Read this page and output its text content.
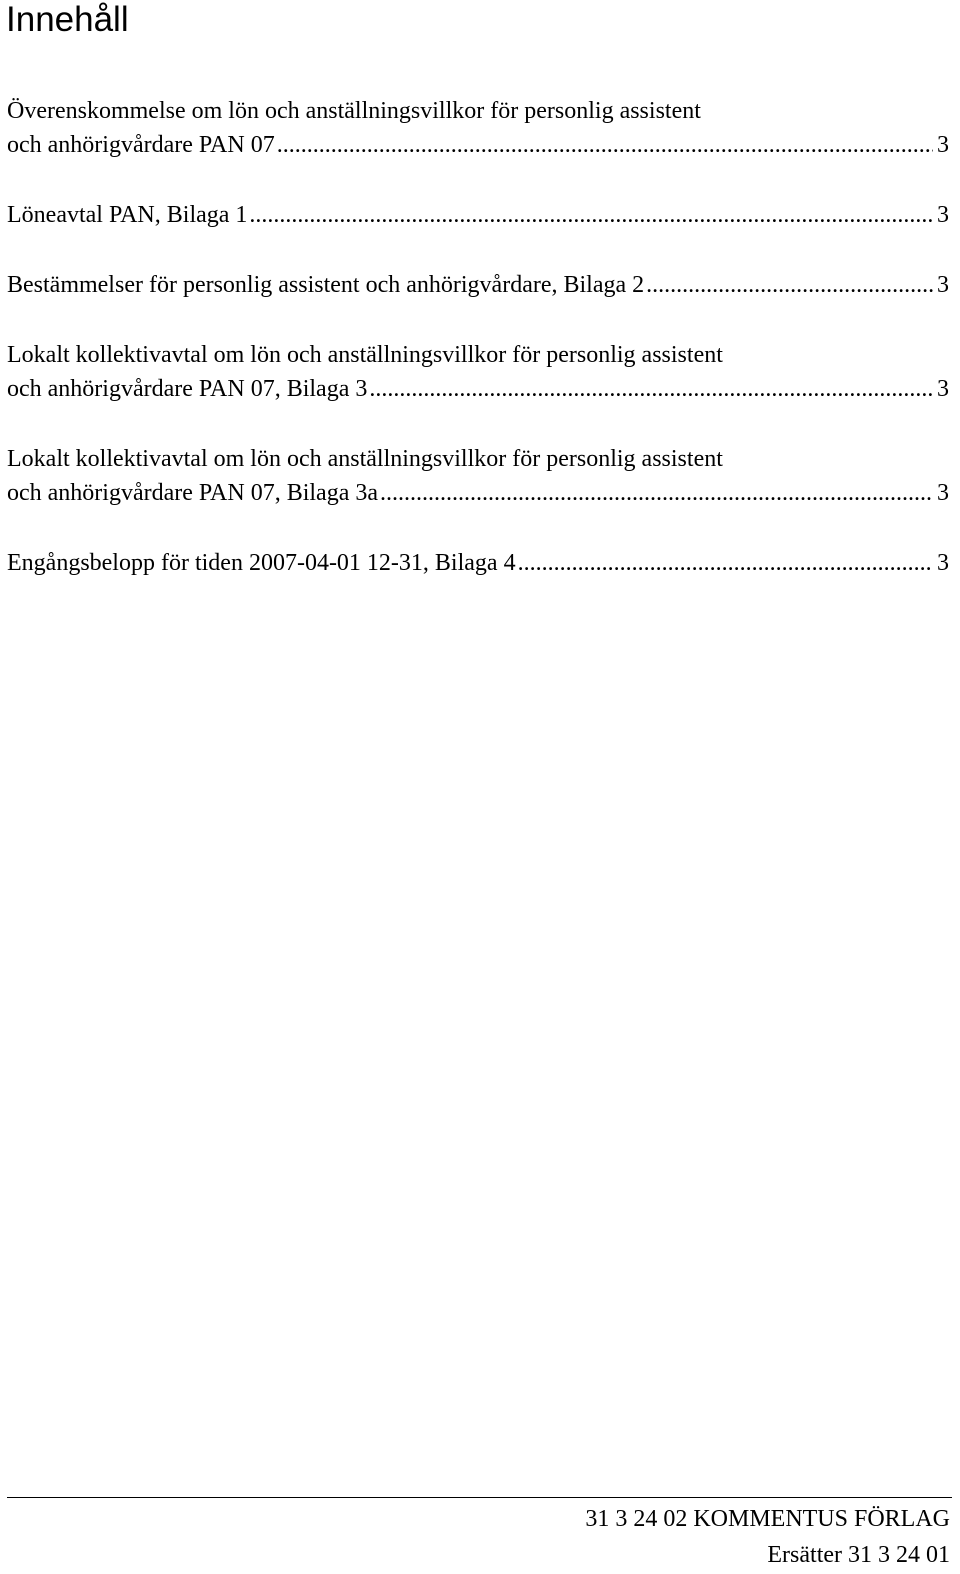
Innehåll
Överenskommelse om lön och anställningsvillkor för personlig assistent
och anhörigvårdare PAN 07 .....	3
Löneavtal PAN, Bilaga 1 .....	3
Bestämmelser för personlig assistent och anhörigvårdare, Bilaga 2 .....	3
Lokalt kollektivavtal om lön och anställningsvillkor för personlig assistent
och anhörigvårdare PAN 07, Bilaga 3 .....	3
Lokalt kollektivavtal om lön och anställningsvillkor för personlig assistent
och anhörigvårdare PAN 07, Bilaga 3a .....	3
Engångsbelopp för tiden 2007-04-01 12-31, Bilaga 4 .....	3
31 3 24 02 KOMMENTUS FÖRLAG
Ersätter 31 3 24 01
